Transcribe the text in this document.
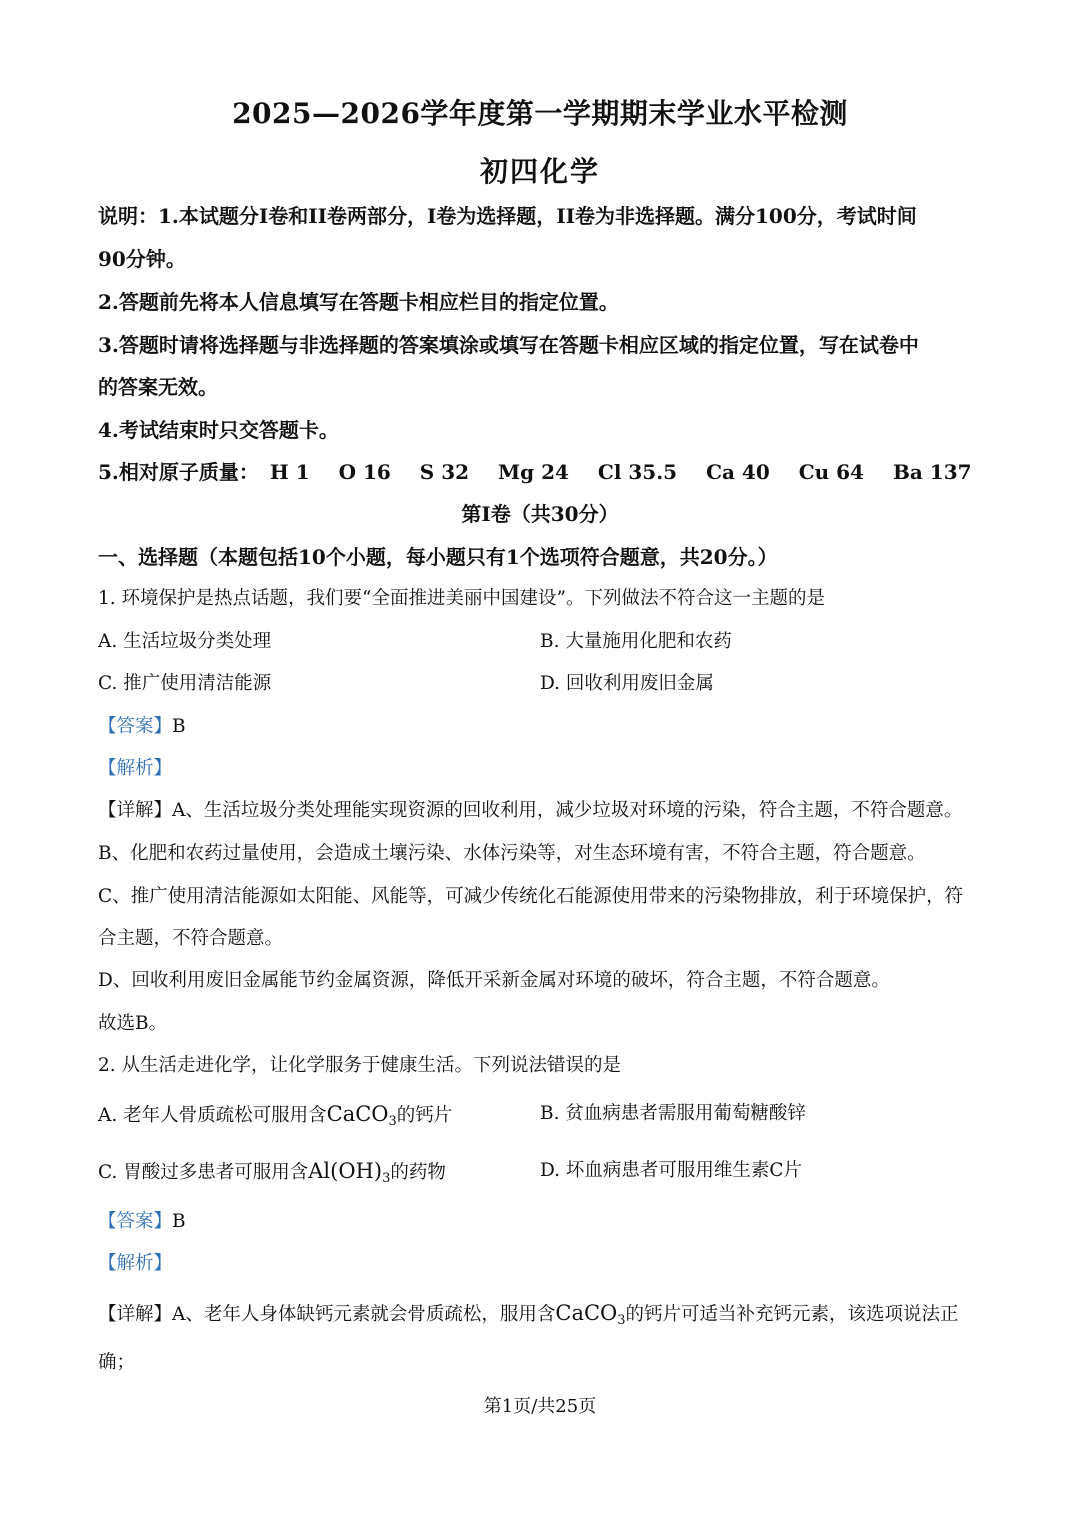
2025—2026学年度第一学期期末学业水平检测
初四化学
说明：1.本试题分I卷和II卷两部分，I卷为选择题，II卷为非选择题。满分100分，考试时间
90分钟。
2.答题前先将本人信息填写在答题卡相应栏目的指定位置。
3.答题时请将选择题与非选择题的答案填涂或填写在答题卡相应区域的指定位置，写在试卷中
的答案无效。
4.考试结束时只交答题卡。
5.相对原子质量： H 1 O 16 S 32 Mg 24 Cl 35.5 Ca 40 Cu 64 Ba 137
第I卷（共30分）
一、选择题（本题包括10个小题，每小题只有1个选项符合题意，共20分。）
1. 环境保护是热点话题，我们要“全面推进美丽中国建设”。下列做法不符合这一主题的是
A. 生活垃圾分类处理	B. 大量施用化肥和农药
C. 推广使用清洁能源	D. 回收利用废旧金属
【答案】B
【解析】
【详解】A、生活垃圾分类处理能实现资源的回收利用，减少垃圾对环境的污染，符合主题，不符合题意。
B、化肥和农药过量使用，会造成土壤污染、水体污染等，对生态环境有害，不符合主题，符合题意。
C、推广使用清洁能源如太阳能、风能等，可减少传统化石能源使用带来的污染物排放，利于环境保护，符
合主题，不符合题意。
D、回收利用废旧金属能节约金属资源，降低开采新金属对环境的破坏，符合主题，不符合题意。
故选B。
2. 从生活走进化学，让化学服务于健康生活。下列说法错误的是
A. 老年人骨质疏松可服用含CaCO$_3$的钙片	B. 贫血病患者需服用葡萄糖酸锌
C. 胃酸过多患者可服用含$Al(OH)_3$的药物	D. 坏血病患者可服用维生素C片
【答案】B
【解析】
【详解】A、老年人身体缺钙元素就会骨质疏松，服用含CaCO$_3$的钙片可适当补充钙元素，该选项说法正
确；
第1页/共25页
